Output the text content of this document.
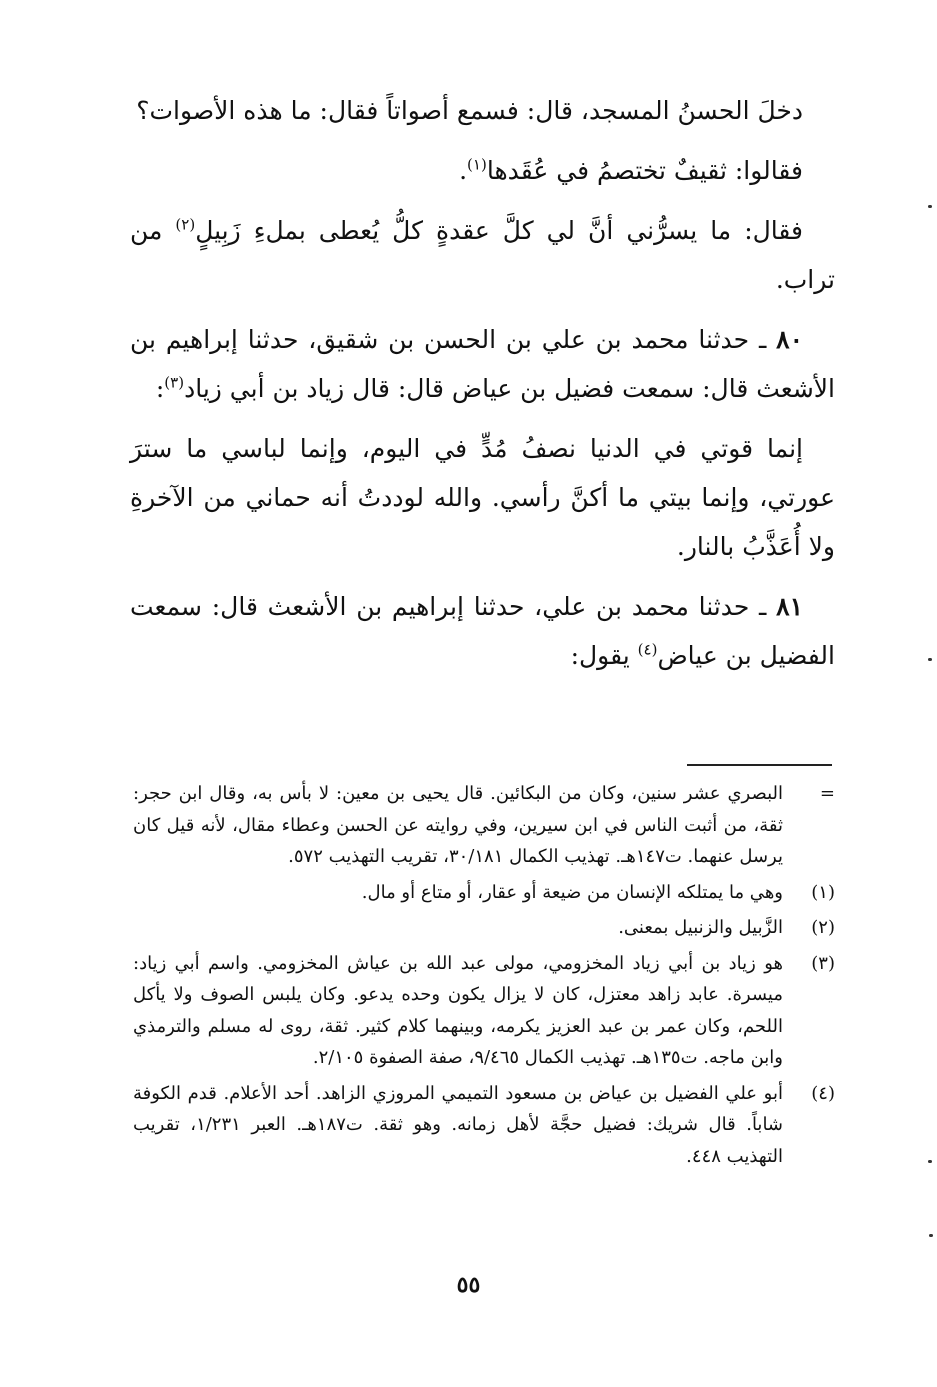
دخلَ الحسنُ المسجد، قال: فسمع أصواتاً فقال: ما هذه الأصوات؟

فقالوا: ثقيفٌ تختصمُ في عُقَدها$^{(١)}$.

فقال: ما يسرُّني أنَّ لي كلَّ عقدةٍ كلُّ يُعطى بملءِ زَبِيلٍ$^{(٢)}$ من تراب.

٨٠ ـ حدثنا محمد بن علي بن الحسن بن شقيق، حدثنا إبراهيم بن الأشعث قال: سمعت فضيل بن عياض قال: قال زياد بن أبي زياد$^{(٣)}$:

إنما قوتي في الدنيا نصفُ مُدٍّ في اليوم، وإنما لباسي ما سترَ عورتي، وإنما بيتي ما أكنَّ رأسي. والله لوددتُ أنه حماني من الآخرةِ ولا أُعَذَّبُ بالنار.

٨١ ـ حدثنا محمد بن علي، حدثنا إبراهيم بن الأشعث قال: سمعت الفضيل بن عياض$^{(٤)}$ يقول:

=
البصري عشر سنين، وكان من البكائين. قال يحيى بن معين: لا بأس به، وقال ابن حجر: ثقة، من أثبت الناس في ابن سيرين، وفي روايته عن الحسن وعطاء مقال، لأنه قيل كان يرسل عنهما. ت١٤٧هـ. تهذيب الكمال ٣٠/١٨١، تقريب التهذيب ٥٧٢.
(١)
وهي ما يمتلكه الإنسان من ضيعة أو عقار، أو متاع أو مال.
(٢)
الزَّبيل والزنبيل بمعنى.
(٣)
هو زياد بن أبي زياد المخزومي، مولى عبد الله بن عياش المخزومي. واسم أبي زياد: ميسرة. عابد زاهد معتزل، كان لا يزال يكون وحده يدعو. وكان يلبس الصوف ولا يأكل اللحم، وكان عمر بن عبد العزيز يكرمه، وبينهما كلام كثير. ثقة، روى له مسلم والترمذي وابن ماجه. ت١٣٥هـ. تهذيب الكمال ٩/٤٦٥، صفة الصفوة ٢/١٠٥.
(٤)
أبو علي الفضيل بن عياض بن مسعود التميمي المروزي الزاهد. أحد الأعلام. قدم الكوفة شاباً. قال شريك: فضيل حجَّة لأهل زمانه. وهو ثقة. ت١٨٧هـ. العبر ١/٢٣١، تقريب التهذيب ٤٤٨.
٥٥
